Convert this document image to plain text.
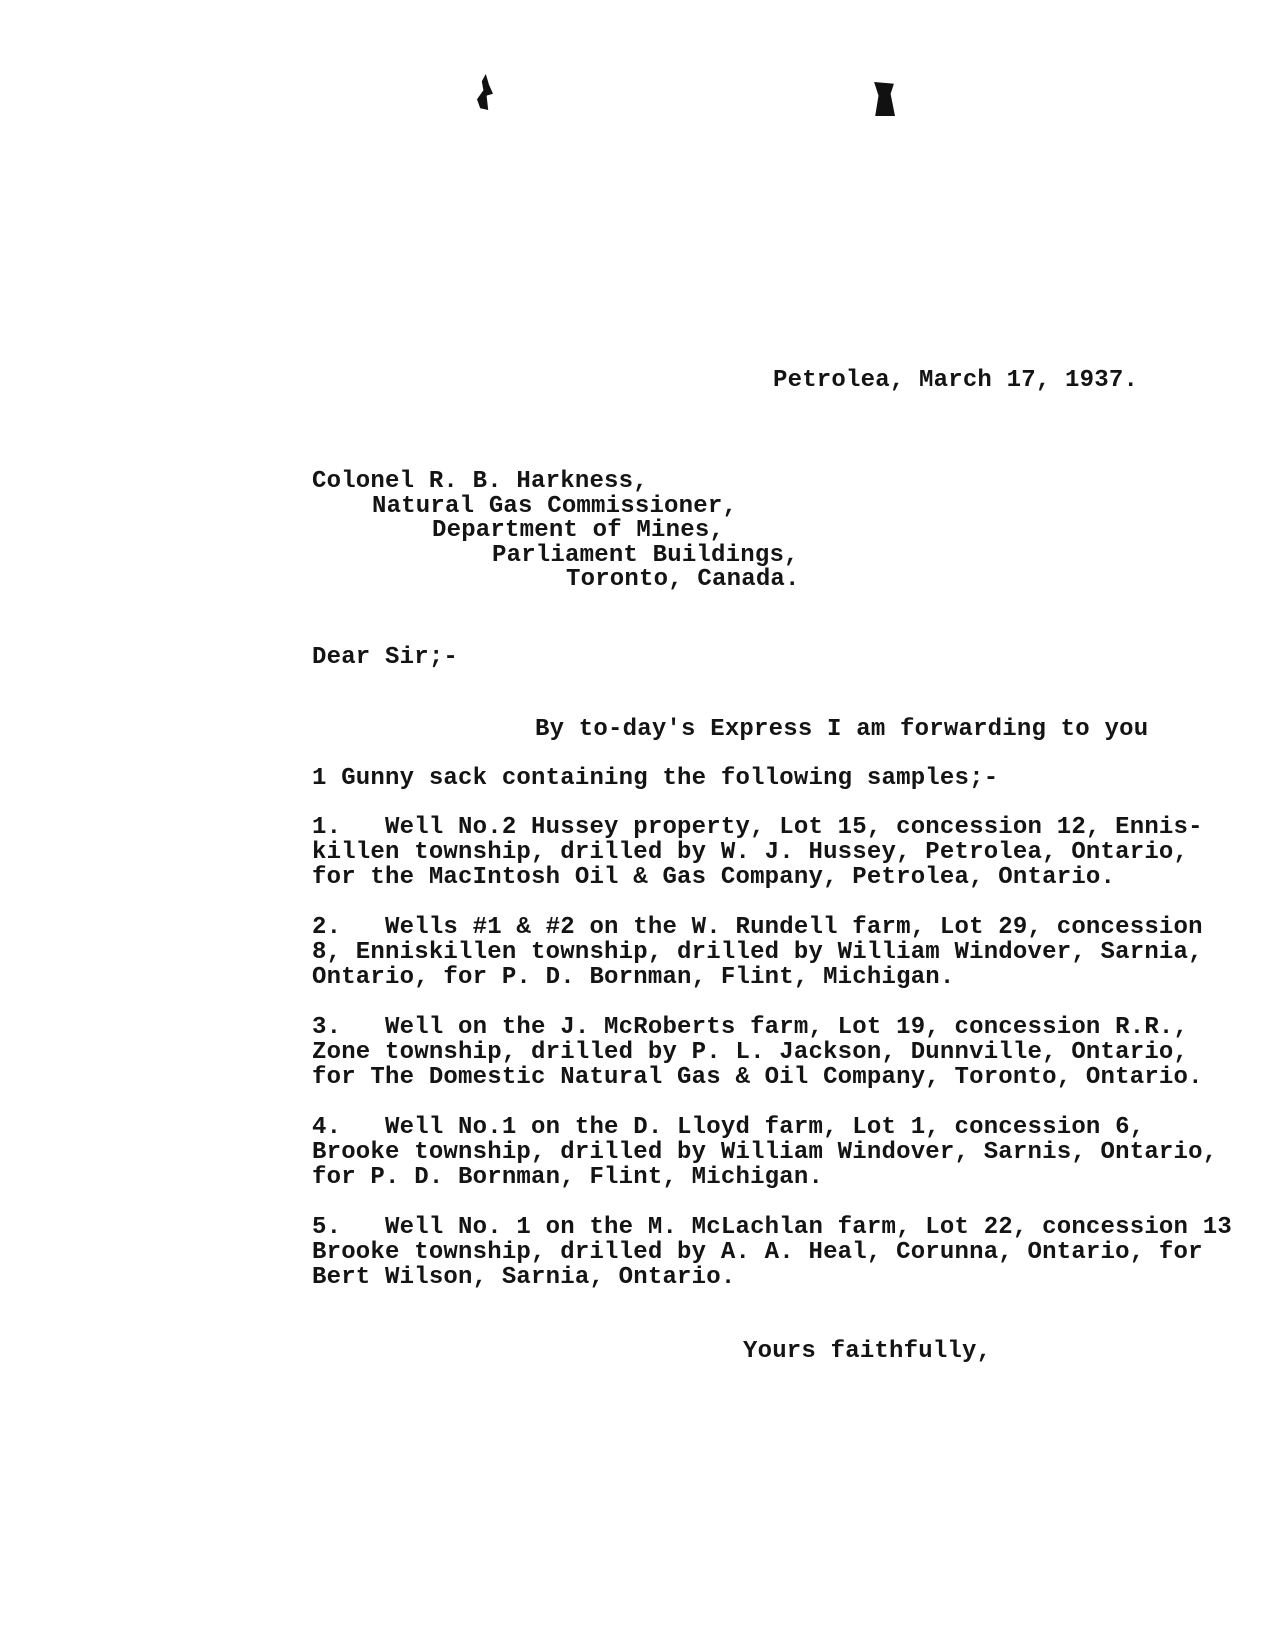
Petrolea, March 17, 1937.
Colonel R. B. Harkness,
Natural Gas Commissioner,
Department of Mines,
Parliament Buildings,
Toronto, Canada.
Dear Sir;-
By to-day's Express I am forwarding to you
1 Gunny sack containing the following samples;-
1.   Well No.2 Hussey property, Lot 15, concession 12, Ennis-
killen township, drilled by W. J. Hussey, Petrolea, Ontario,
for the MacIntosh Oil & Gas Company, Petrolea, Ontario.
2.   Wells #1 & #2 on the W. Rundell farm, Lot 29, concession
8, Enniskillen township, drilled by William Windover, Sarnia,
Ontario, for P. D. Bornman, Flint, Michigan.
3.   Well on the J. McRoberts farm, Lot 19, concession R.R.,
Zone township, drilled by P. L. Jackson, Dunnville, Ontario,
for The Domestic Natural Gas & Oil Company, Toronto, Ontario.
4.   Well No.1 on the D. Lloyd farm, Lot 1, concession 6,
Brooke township, drilled by William Windover, Sarnis, Ontario,
for P. D. Bornman, Flint, Michigan.
5.   Well No. 1 on the M. McLachlan farm, Lot 22, concession 13
Brooke township, drilled by A. A. Heal, Corunna, Ontario, for
Bert Wilson, Sarnia, Ontario.
Yours faithfully,
